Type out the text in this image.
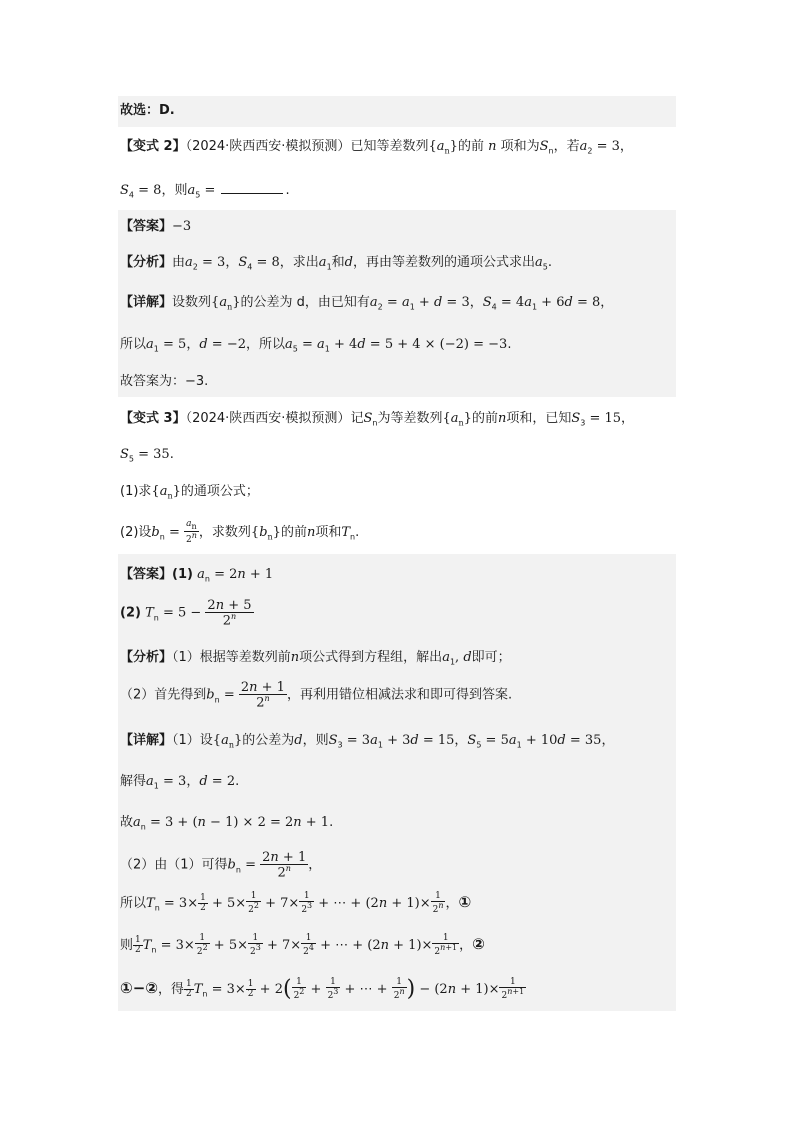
故选：D.
【变式 2】（2024·陕西西安·模拟预测）已知等差数列$\{a_n\}$的前 n 项和为$S_n$，若$a_2 = 3$，
$S_4 = 8$，则$a_5$ =	.
【答案】−3
【分析】由$a_2 = 3$，$S_4 = 8$，求出$a_1$和d，再由等差数列的通项公式求出$a_5$.
【详解】设数列$\{a_n\}$的公差为 d，由已知有$a_2 = a_1 + d = 3$，$S_4 = 4a_1 + 6d = 8$，
所以$a_1 = 5$，d = −2，所以$a_5 = a_1 + 4d = 5 + 4 \times (-2) = -3$.
故答案为：−3.
【变式 3】（2024·陕西西安·模拟预测）记$S_n$为等差数列$\{a_n\}$的前n项和，已知$S_3 = 15$，
$S_5 = 35$.
(1)求$\{a_n\}$的通项公式；
(2)设$b_n = \frac{a_n}{2^n}$ ，求数列$\{b_n\}$的前n项和$T_n$.
【答案】(1) $a_n = 2n + 1$
(2) $T_n = 5 - \frac{2n + 5}{2^n}$
【分析】（1）根据等差数列前n项公式得到方程组，解出$a_1$, d即可；
（2）首先得到$b_n = \frac{2n + 1}{2^n}$ ，再利用错位相减法求和即可得到答案.
【详解】（1）设$\{a_n\}$的公差为d，则$S_3 = 3a_1 + 3d = 15$，$S_5 = 5a_1 + 10d = 35$，
解得$a_1 = 3$，d = 2.
故$a_n = 3 + (n - 1) \times 2 = 2n + 1$.
（2）由（1）可得$b_n = \frac{2n + 1}{2^n}$ ，
所以$T_n = 3\times \frac{1}{2} + 5\times \frac{1}{2^2} + 7\times \frac{1}{2^3}$ + ⋯ + $(2n + 1)\times \frac{1}{2^n}$ ，①
则 $\frac{1}{2} T_n = 3\times \frac{1}{2^2} + 5\times \frac{1}{2^3} + 7\times \frac{1}{2^4}$ + ⋯ + $(2n + 1)\times \frac{1}{2^{n+1}}$ ，②
①−②，得 $\frac{1}{2} T_n = 3\times \frac{1}{2} + 2( \frac{1}{2^2} + \frac{1}{2^3}$ + ⋯ + $\frac{1}{2^n}$ ) − $(2n + 1)\times \frac{1}{2^{n+1}}$
